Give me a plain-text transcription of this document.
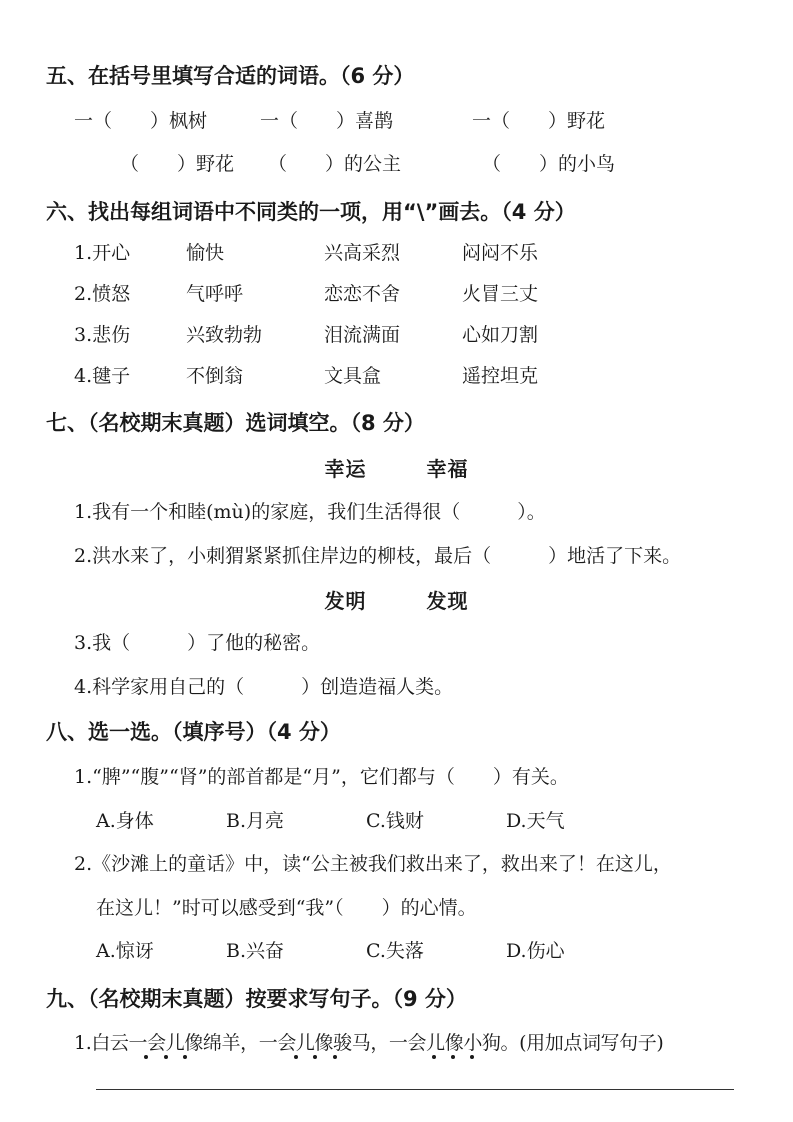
五、在括号里填写合适的词语。（6 分）
一（　　）枫树	一（　　）喜鹊	一（　　）野花
（　　）野花 （　　）的公主	（　　）的小鸟
六、找出每组词语中不同类的一项，用“\”画去。（4 分）
1.开心	愉快	兴高采烈	闷闷不乐
2.愤怒	气呼呼	恋恋不舍	火冒三丈
3.悲伤	兴致勃勃	泪流满面	心如刀割
4.毽子	不倒翁	文具盒	遥控坦克
七、（名校期末真题）选词填空。（8 分）
幸运	幸福
1.我有一个和睦(mù)的家庭，我们生活得很（　　　）。
2.洪水来了，小刺猬紧紧抓住岸边的柳枝，最后（　　　）地活了下来。
发明	发现
3.我（　　　）了他的秘密。
4.科学家用自己的（　　　）创造造福人类。
八、选一选。（填序号）（4 分）
1.“脾”“腹”“肾”的部首都是“月”，它们都与（　　）有关。
A.身体	B.月亮	C.钱财	D.天气
2.《沙滩上的童话》中，读“公主被我们救出来了，救出来了！在这儿，
在这儿！”时可以感受到“我”（　　）的心情。
A.惊讶	B.兴奋	C.失落	D.伤心
九、（名校期末真题）按要求写句子。（9 分）
1.白云一会儿像绵羊，一会儿像骏马，一会儿像小狗。(用加点词写句子)
